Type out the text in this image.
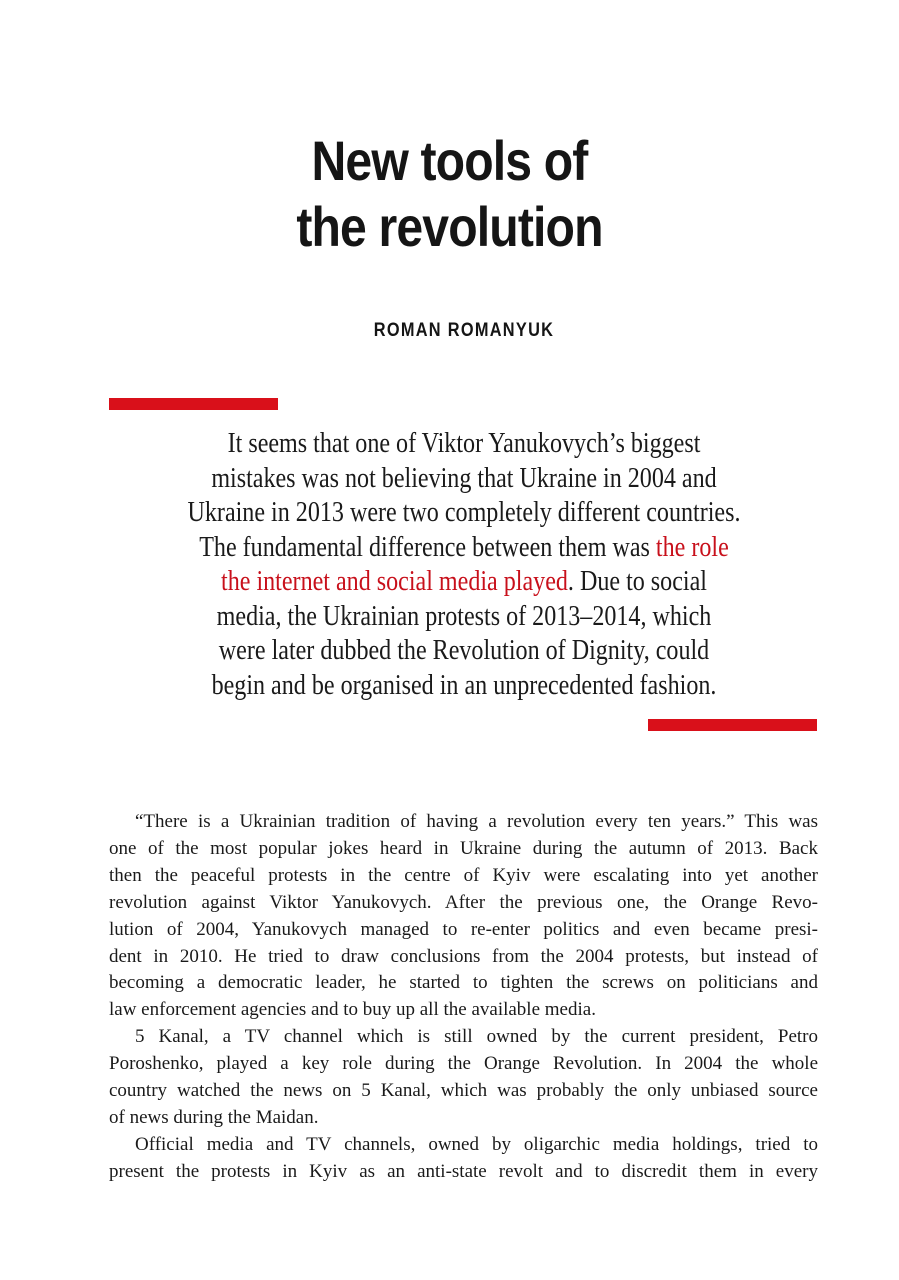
New tools of
the revolution
ROMAN ROMANYUK
It seems that one of Viktor Yanukovych’s biggest
mistakes was not believing that Ukraine in 2004 and
Ukraine in 2013 were two completely different countries.
The fundamental difference between them was the role
the internet and social media played. Due to social
media, the Ukrainian protests of 2013–2014, which
were later dubbed the Revolution of Dignity, could
begin and be organised in an unprecedented fashion.
“There is a Ukrainian tradition of having a revolution every ten years.” This was
one of the most popular jokes heard in Ukraine during the autumn of 2013. Back
then the peaceful protests in the centre of Kyiv were escalating into yet another
revolution against Viktor Yanukovych. After the previous one, the Orange Revo-
lution of 2004, Yanukovych managed to re-enter politics and even became presi-
dent in 2010. He tried to draw conclusions from the 2004 protests, but instead of
becoming a democratic leader, he started to tighten the screws on politicians and
law enforcement agencies and to buy up all the available media.
5 Kanal, a TV channel which is still owned by the current president, Petro
Poroshenko, played a key role during the Orange Revolution. In 2004 the whole
country watched the news on 5 Kanal, which was probably the only unbiased source
of news during the Maidan.
Official media and TV channels, owned by oligarchic media holdings, tried to
present the protests in Kyiv as an anti-state revolt and to discredit them in every
